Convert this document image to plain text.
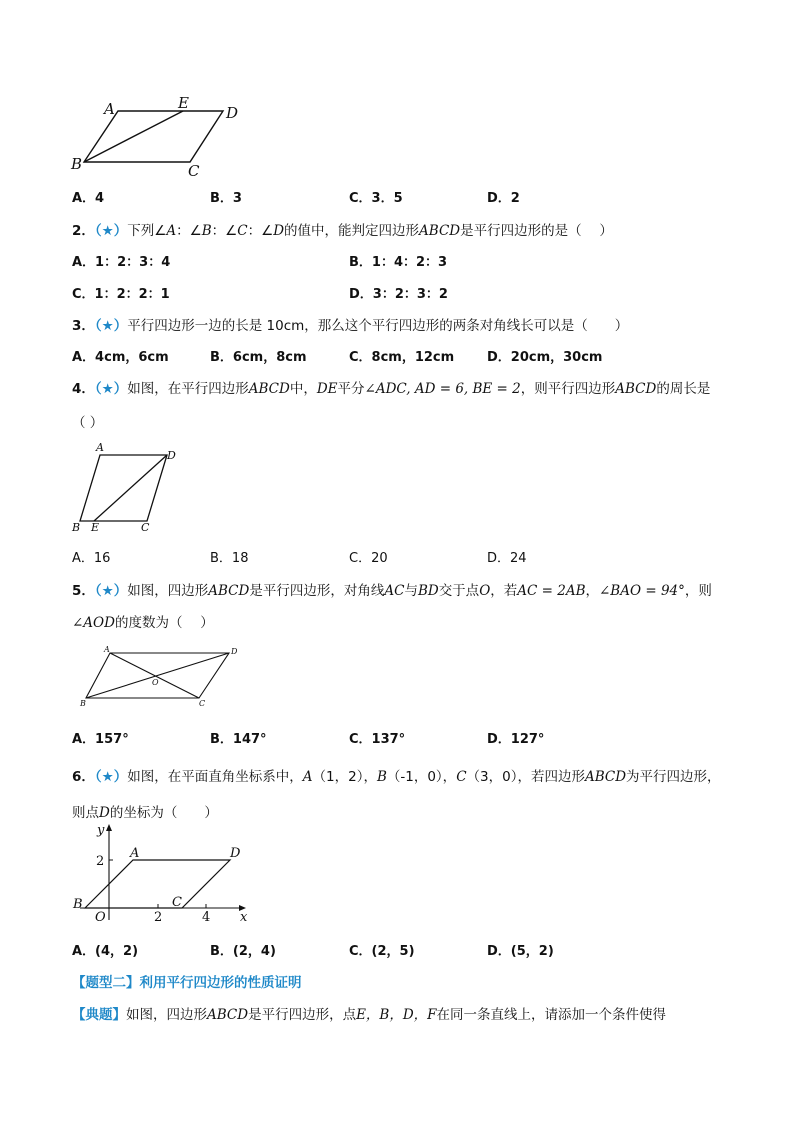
A	E
D
B	C
A．4	B．3	C．3．5	D．2
2．（★）下列∠A：∠B：∠C：∠D的值中，能判定四边形ABCD是平行四边形的是（　 ）
A．1：2：3：4	B．1：4：2：3
C．1：2：2：1	D．3：2：3：2
3．（★）平行四边形一边的长是 10cm，那么这个平行四边形的两条对角线长可以是（　　）
A．4cm，6cm	B．6cm，8cm	C．8cm，12cm	D．20cm，30cm
4．（★）如图，在平行四边形ABCD中，DE平分∠ADC, AD = 6, BE = 2，则平行四边形ABCD的周长是
（ ）
A
D
B E	C
A．16	B．18	C．20	D．24
5．（★）如图，四边形ABCD是平行四边形，对角线AC与BD交于点O，若AC = 2AB，∠BAO = 94°，则
∠AOD的度数为（　 ）
A	D
O
B	C
A．157°	B．147°	C．137°	D．127°
6．（★）如图，在平面直角坐标系中，A（1，2），B（-1，0），C（3，0），若四边形ABCD为平行四边形，
则点D的坐标为（　　）
y
x
2
2	4
A	D
B
O
C
A．(4，2)	B．(2，4)	C．(2，5)	D．(5，2)
【题型二】利用平行四边形的性质证明
【典题】如图，四边形ABCD是平行四边形，点E，B，D，F在同一条直线上，请添加一个条件使得
